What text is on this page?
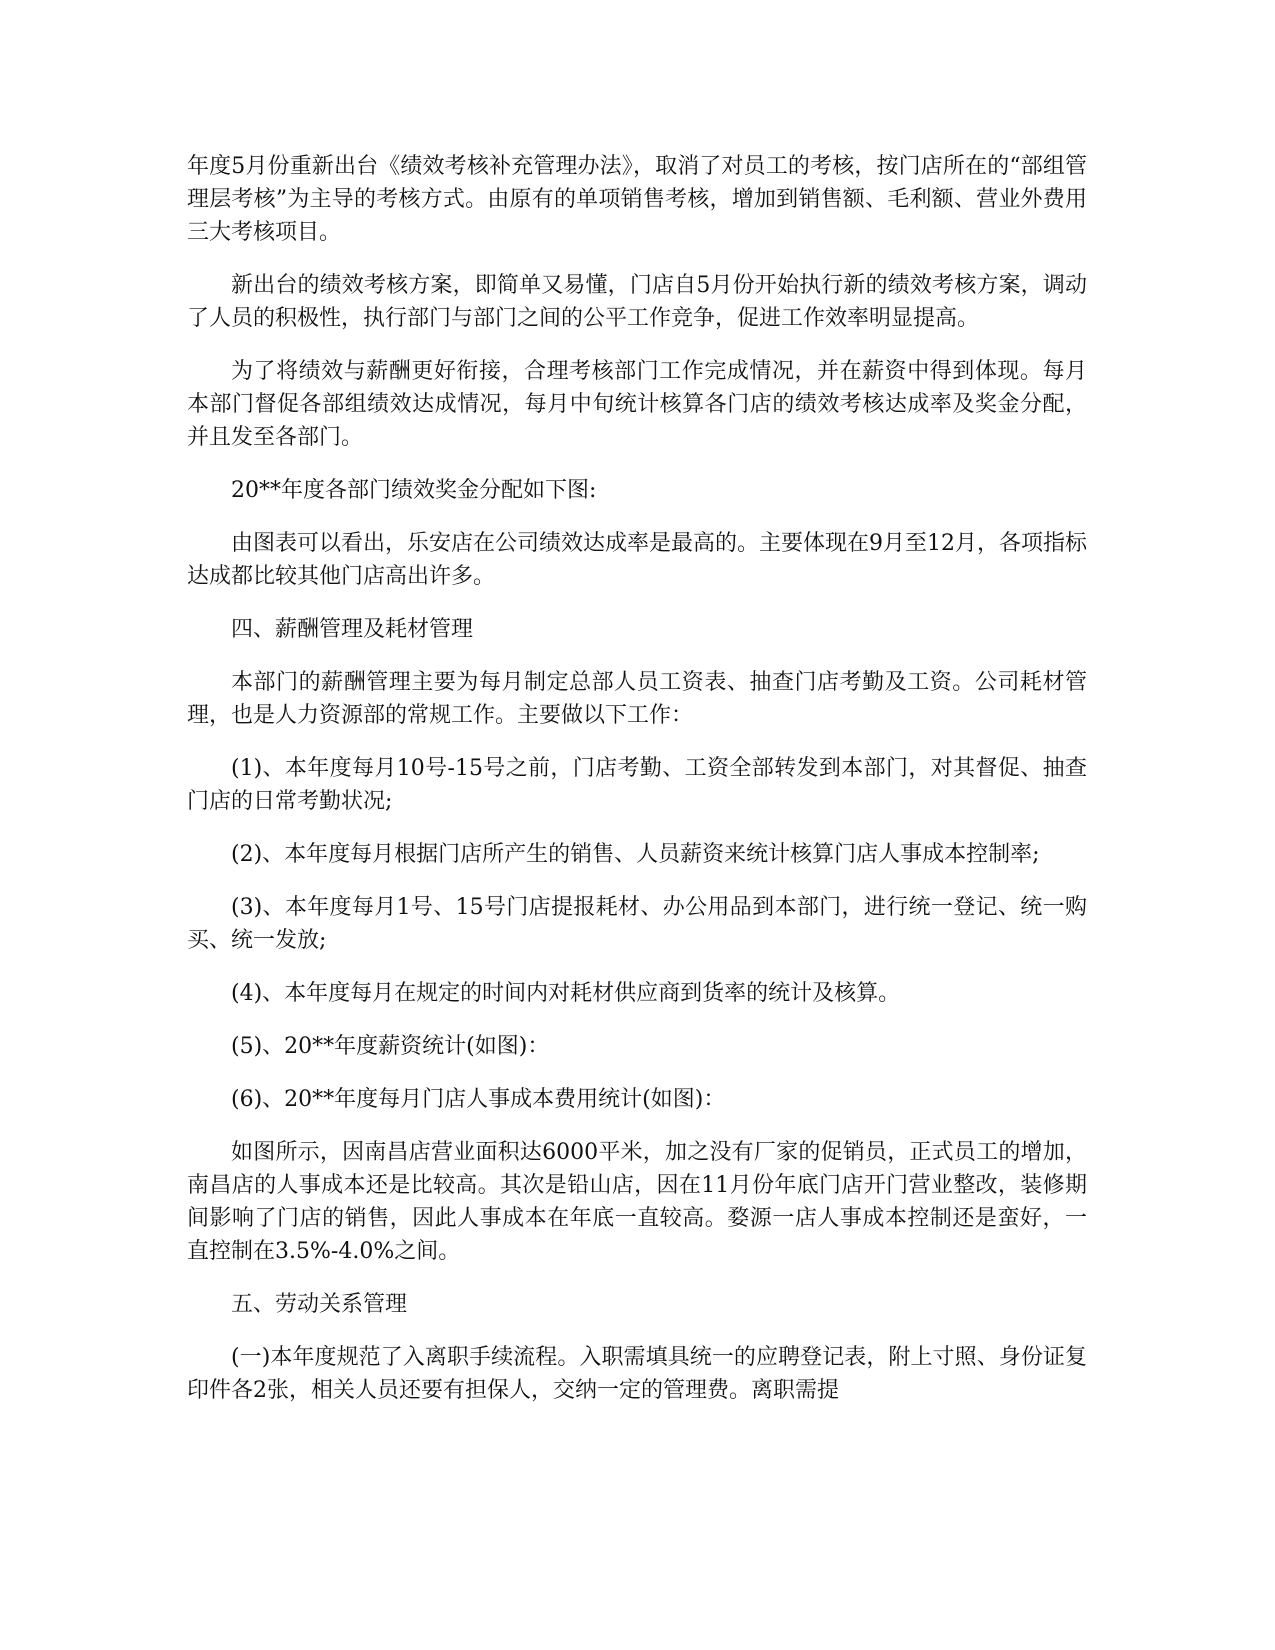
年度5月份重新出台《绩效考核补充管理办法》，取消了对员工的考核，按门店所在的“部组管理层考核”为主导的考核方式。由原有的单项销售考核，增加到销售额、毛利额、营业外费用三大考核项目。

新出台的绩效考核方案，即简单又易懂，门店自5月份开始执行新的绩效考核方案，调动了人员的积极性，执行部门与部门之间的公平工作竞争，促进工作效率明显提高。

为了将绩效与薪酬更好衔接，合理考核部门工作完成情况，并在薪资中得到体现。每月本部门督促各部组绩效达成情况，每月中旬统计核算各门店的绩效考核达成率及奖金分配，并且发至各部门。

20**年度各部门绩效奖金分配如下图:

由图表可以看出，乐安店在公司绩效达成率是最高的。主要体现在9月至12月，各项指标达成都比较其他门店高出许多。

四、薪酬管理及耗材管理

本部门的薪酬管理主要为每月制定总部人员工资表、抽查门店考勤及工资。公司耗材管理，也是人力资源部的常规工作。主要做以下工作：

(1)、本年度每月10号-15号之前，门店考勤、工资全部转发到本部门，对其督促、抽查门店的日常考勤状况;

(2)、本年度每月根据门店所产生的销售、人员薪资来统计核算门店人事成本控制率;

(3)、本年度每月1号、15号门店提报耗材、办公用品到本部门，进行统一登记、统一购买、统一发放;

(4)、本年度每月在规定的时间内对耗材供应商到货率的统计及核算。

(5)、20**年度薪资统计(如图)：

(6)、20**年度每月门店人事成本费用统计(如图)：

如图所示，因南昌店营业面积达6000平米，加之没有厂家的促销员，正式员工的增加，南昌店的人事成本还是比较高。其次是铅山店，因在11月份年底门店开门营业整改，装修期间影响了门店的销售，因此人事成本在年底一直较高。婺源一店人事成本控制还是蛮好，一直控制在3.5%-4.0%之间。

五、劳动关系管理

(一)本年度规范了入离职手续流程。入职需填具统一的应聘登记表，附上寸照、身份证复印件各2张，相关人员还要有担保人，交纳一定的管理费。离职需提
